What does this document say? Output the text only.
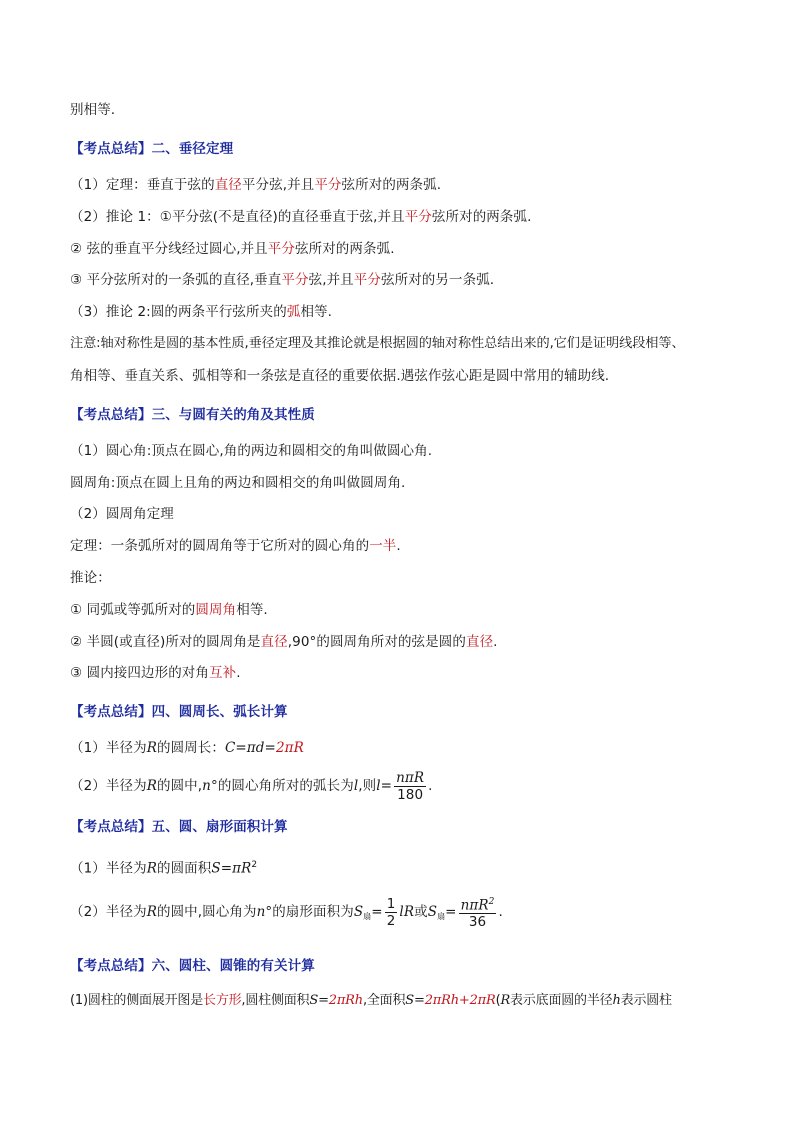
别相等.
【考点总结】二、垂径定理
（1）定理：垂直于弦的直径平分弦,并且平分弦所对的两条弧.
（2）推论 1：①平分弦(不是直径)的直径垂直于弦,并且平分弦所对的两条弧.
② 弦的垂直平分线经过圆心,并且平分弦所对的两条弧.
③ 平分弦所对的一条弧的直径,垂直平分弦,并且平分弦所对的另一条弧.
（3）推论 2:圆的两条平行弦所夹的弧相等.
注意:轴对称性是圆的基本性质,垂径定理及其推论就是根据圆的轴对称性总结出来的,它们是证明线段相等、
角相等、垂直关系、弧相等和一条弦是直径的重要依据.遇弦作弦心距是圆中常用的辅助线.
【考点总结】三、与圆有关的角及其性质
（1）圆心角:顶点在圆心,角的两边和圆相交的角叫做圆心角.
圆周角:顶点在圆上且角的两边和圆相交的角叫做圆周角.
（2）圆周角定理
定理：一条弧所对的圆周角等于它所对的圆心角的一半.
推论：
① 同弧或等弧所对的圆周角相等.
② 半圆(或直径)所对的圆周角是直径,90°的圆周角所对的弦是圆的直径.
③ 圆内接四边形的对角互补.
【考点总结】四、圆周长、弧长计算
（1）半径为R的圆周长：C=πd=2πR
（2）半径为R的圆中,n°的圆心角所对的弧长为l,则$l= \frac{\text{nπR}}{180}$ .
【考点总结】五、圆、扇形面积计算
（1）半径为R的圆面积$S=\pi R^2$
（2）半径为R的圆中,圆心角为n°的扇形面积为$S_扇= \frac{1}{2}$ lR或$S_扇= \frac{n\pi R^2}{36}$ .
【考点总结】六、圆柱、圆锥的有关计算
(1)圆柱的侧面展开图是长方形,圆柱侧面积S=2πRh,全面积S=2πRh+2πR(R表示底面圆的半径h表示圆柱
